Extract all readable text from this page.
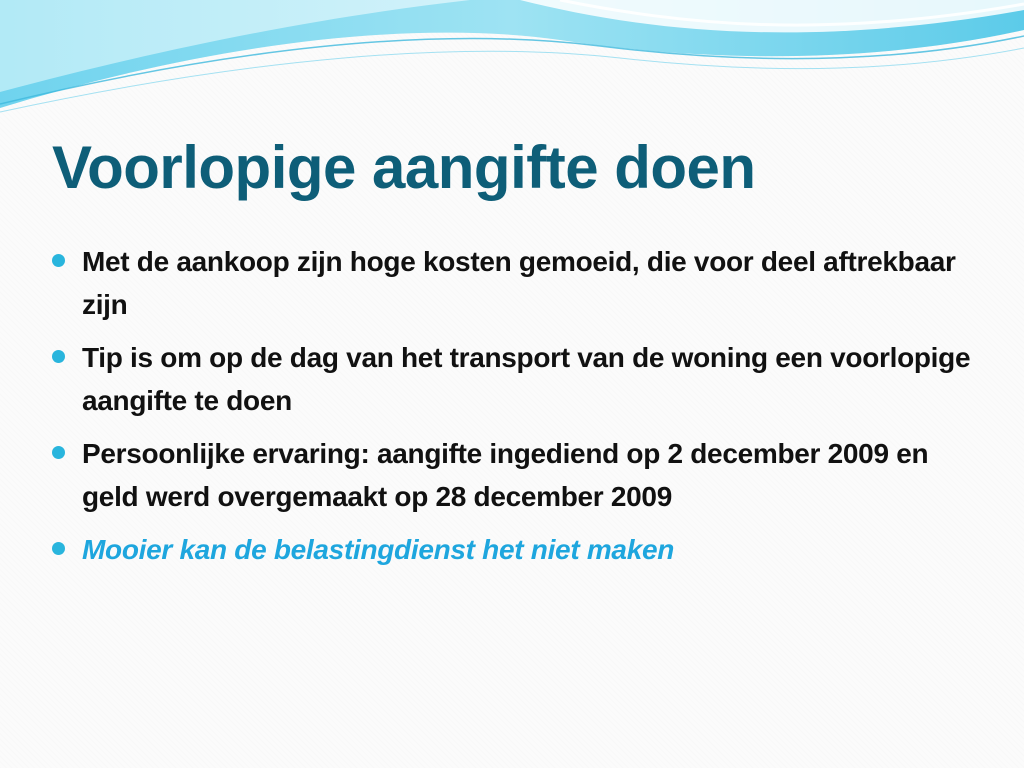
Voorlopige aangifte doen
Met de aankoop zijn hoge kosten gemoeid, die voor deel aftrekbaar zijn
Tip is om op de dag van het transport van de woning een voorlopige aangifte te doen
Persoonlijke ervaring: aangifte ingediend op 2 december 2009 en geld werd overgemaakt op 28 december 2009
Mooier kan de belastingdienst het niet maken
